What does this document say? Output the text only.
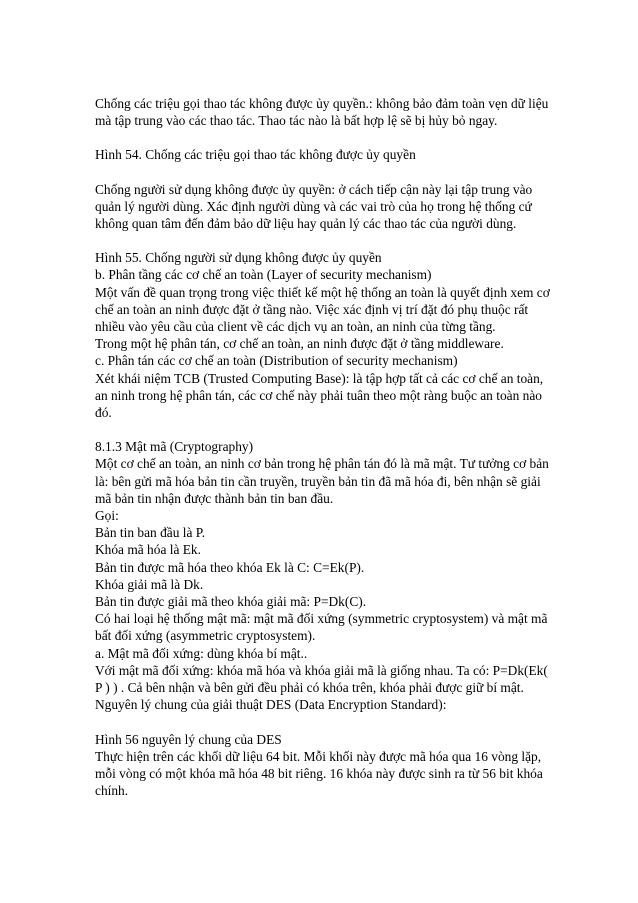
Chống các triệu gọi thao tác không được ủy quyền.: không bảo đảm toàn vẹn dữ liệu mà tập trung vào các thao tác. Thao tác nào là bất hợp lệ sẽ bị hủy bỏ ngay.

Hình 54. Chống các triệu gọi thao tác không được ủy quyền

Chống người sử dụng không được ủy quyền: ở cách tiếp cận này lại tập trung vào quản lý người dùng. Xác định người dùng và các vai trò của họ trong hệ thống cứ không quan tâm đến đảm bảo dữ liệu hay quản lý các thao tác của người dùng.

Hình 55. Chống người sử dụng không được ủy quyền

b. Phân tầng các cơ chế an toàn (Layer of security mechanism)

Một vấn đề quan trọng trong việc thiết kế một hệ thống an toàn là quyết định xem cơ chế an toàn an ninh được đặt ở tầng nào. Việc xác định vị trí đặt đó phụ thuộc rất nhiều vào yêu cầu của client về các dịch vụ an toàn, an ninh của từng tầng.

Trong một hệ phân tán, cơ chế an toàn, an ninh được đặt ở tầng middleware.

c. Phân tán các cơ chế an toàn (Distribution of security mechanism)

Xét khái niệm TCB (Trusted Computing Base): là tập hợp tất cả các cơ chế an toàn, an ninh trong hệ phân tán, các cơ chế này phải tuân theo một ràng buộc an toàn nào đó.

8.1.3 Mật mã (Cryptography)

Một cơ chế an toàn, an ninh cơ bản trong hệ phân tán đó là mã mật. Tư tưởng cơ bản là: bên gửi mã hóa bản tin cần truyền, truyền bản tin đã mã hóa đi, bên nhận sẽ giải mã bản tin nhận được thành bản tin ban đầu.

Gọi:

Bản tin ban đầu là P.

Khóa mã hóa là Ek.

Bản tin được mã hóa theo khóa Ek là C: C=Ek(P).

Khóa giải mã là Dk.

Bản tin được giải mã theo khóa giải mã: P=Dk(C).

Có hai loại hệ thống mật mã: mật mã đối xứng (symmetric cryptosystem) và mật mã bất đối xứng (asymmetric cryptosystem).

a. Mật mã đối xứng: dùng khóa bí mật..

Với mật mã đối xứng: khóa mã hóa và khóa giải mã là giống nhau. Ta có: P=Dk(Ek( P ) ) . Cả bên nhận và bên gửi đều phải có khóa trên, khóa phải được giữ bí mật.

Nguyên lý chung của giải thuật DES (Data Encryption Standard):

Hình 56 nguyên lý chung của DES

Thực hiện trên các khối dữ liệu 64 bit. Mỗi khối này được mã hóa qua 16 vòng lặp, mỗi vòng có một khóa mã hóa 48 bit riêng. 16 khóa này được sinh ra từ 56 bit khóa chính.
